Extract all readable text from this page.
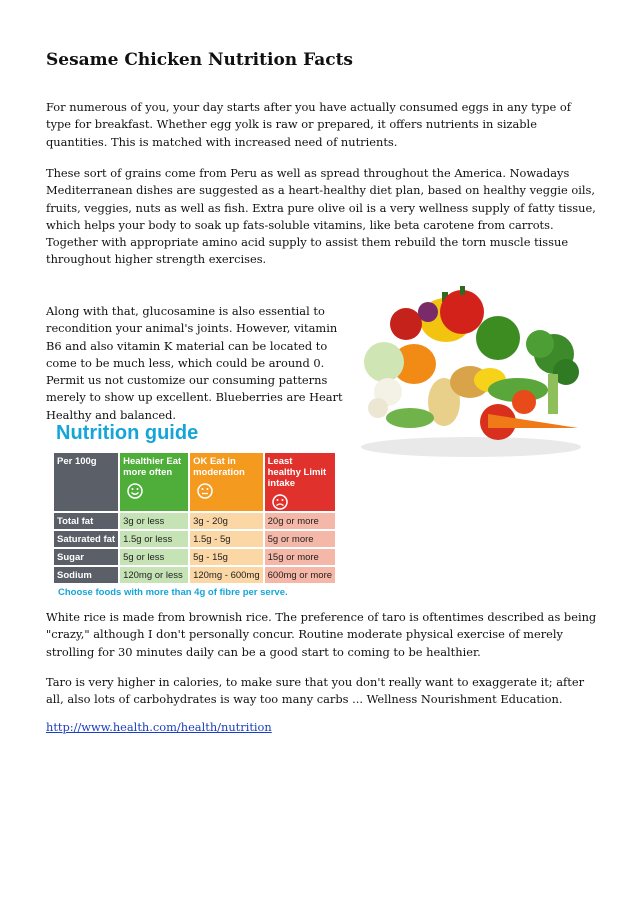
Sesame Chicken Nutrition Facts

For numerous of you, your day starts after you have actually consumed eggs in any type of type for breakfast. Whether egg yolk is raw or prepared, it offers nutrients in sizable quantities. This is matched with increased need of nutrients.

These sort of grains come from Peru as well as spread throughout the America. Nowadays Mediterranean dishes are suggested as a heart-healthy diet plan, based on healthy veggie oils, fruits, veggies, nuts as well as fish. Extra pure olive oil is a very wellness supply of fatty tissue, which helps your body to soak up fats-soluble vitamins, like beta carotene from carrots. Together with appropriate amino acid supply to assist them rebuild the torn muscle tissue throughout higher strength exercises.

Along with that, glucosamine is also essential to recondition your animal's joints. However, vitamin B6 and also vitamin K material can be located to come to be much less, which could be around 0. Permit us not customize our consuming patterns merely to show up excellent. Blueberries are Heart Healthy and balanced.

White rice is made from brownish rice. The preference of taro is oftentimes described as being "crazy," although I don't personally concur. Routine moderate physical exercise of merely strolling for 30 minutes daily can be a good start to coming to be healthier.

Taro is very higher in calories, to make sure that you don't really want to exaggerate it; after all, also lots of carbohydrates is way too many carbs ... Wellness Nourishment Education.

http://www.health.com/health/nutrition
Nutrition guide
Per 100g	Healthier Eat more often	OK Eat in moderation	Least healthy Limit intake

Total fat	3g or less	3g - 20g	20g or more
Saturated fat	1.5g or less	1.5g - 5g	5g or more
Sugar	5g or less	5g - 15g	15g or more
Sodium	120mg or less	120mg - 600mg	600mg or more
Choose foods with more than 4g of fibre per serve.
